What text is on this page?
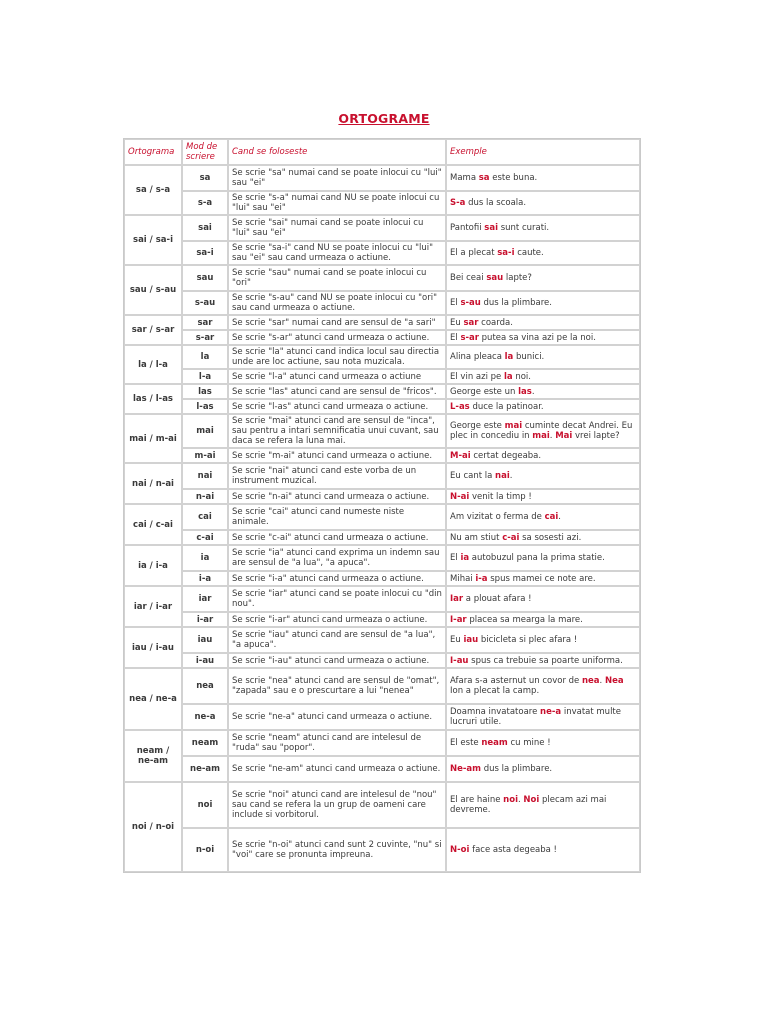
ORTOGRAME
Ortograma	Mod de scriere	Cand se foloseste	Exemple
sa / s-a	sa	Se scrie "sa" numai cand se poate inlocui cu "lui" sau "ei"	Mama sa este buna.
	s-a	Se scrie "s-a" numai cand NU se poate inlocui cu "lui" sau "ei"	S-a dus la scoala.
sai / sa-i	sai	Se scrie "sai" numai cand se poate inlocui cu "lui" sau "ei"	Pantofii sai sunt curati.
	sa-i	Se scrie "sa-i" cand NU se poate inlocui cu "lui" sau "ei" sau cand urmeaza o actiune.	El a plecat sa-i caute.
sau / s-au	sau	Se scrie "sau" numai cand se poate inlocui cu "ori"	Bei ceai sau lapte?
	s-au	Se scrie "s-au" cand NU se poate inlocui cu "ori" sau cand urmeaza o actiune.	El s-au dus la plimbare.
sar / s-ar	sar	Se scrie "sar" numai cand are sensul de "a sari"	Eu sar coarda.
	s-ar	Se scrie "s-ar" atunci cand urmeaza o actiune.	El s-ar putea sa vina azi pe la noi.
la / l-a	la	Se scrie "la" atunci cand indica locul sau directia unde are loc actiune, sau nota muzicala.	Alina pleaca la bunici.
	l-a	Se scrie "l-a" atunci cand urmeaza o actiune	El vin azi pe la noi.
las / l-as	las	Se scrie "las" atunci cand are sensul de "fricos".	George este un las.
	l-as	Se scrie "l-as" atunci cand urmeaza o actiune.	L-as duce la patinoar.
mai / m-ai	mai	Se scrie "mai" atunci cand are sensul de "inca", sau pentru a intari semnificatia unui cuvant, sau daca se refera la luna mai.	George este mai cuminte decat Andrei. Eu plec in concediu in mai. Mai vrei lapte?
	m-ai	Se scrie "m-ai" atunci cand urmeaza o actiune.	M-ai certat degeaba.
nai / n-ai	nai	Se scrie "nai" atunci cand este vorba de un instrument muzical.	Eu cant la nai.
	n-ai	Se scrie "n-ai" atunci cand urmeaza o actiune.	N-ai venit la timp !
cai / c-ai	cai	Se scrie "cai" atunci cand numeste niste animale.	Am vizitat o ferma de cai.
	c-ai	Se scrie "c-ai" atunci cand urmeaza o actiune.	Nu am stiut c-ai sa sosesti azi.
ia / i-a	ia	Se scrie "ia" atunci cand exprima un indemn sau are sensul de "a lua", "a apuca".	El ia autobuzul pana la prima statie.
	i-a	Se scrie "i-a" atunci cand urmeaza o actiune.	Mihai i-a spus mamei ce note are.
iar / i-ar	iar	Se scrie "iar" atunci cand se poate inlocui cu "din nou".	Iar a plouat afara !
	i-ar	Se scrie "i-ar" atunci cand urmeaza o actiune.	I-ar placea sa mearga la mare.
iau / i-au	iau	Se scrie "iau" atunci cand are sensul de "a lua", "a apuca".	Eu iau bicicleta si plec afara !
	i-au	Se scrie "i-au" atunci cand urmeaza o actiune.	I-au spus ca trebuie sa poarte uniforma.
nea / ne-a	nea	Se scrie "nea" atunci cand are sensul de "omat", "zapada" sau e o prescurtare a lui "nenea"	Afara s-a asternut un covor de nea. Nea Ion a plecat la camp.
	ne-a	Se scrie "ne-a" atunci cand urmeaza o actiune.	Doamna invatatoare ne-a invatat multe lucruri utile.
neam / ne-am	neam	Se scrie "neam" atunci cand are intelesul de "ruda" sau "popor".	El este neam cu mine !
	ne-am	Se scrie "ne-am" atunci cand urmeaza o actiune.	Ne-am dus la plimbare.
noi / n-oi	noi	Se scrie "noi" atunci cand are intelesul de "nou" sau cand se refera la un grup de oameni care include si vorbitorul.	El are haine noi. Noi plecam azi mai devreme.
	n-oi	Se scrie "n-oi" atunci cand sunt 2 cuvinte, "nu" si "voi" care se pronunta impreuna.	N-oi face asta degeaba !
